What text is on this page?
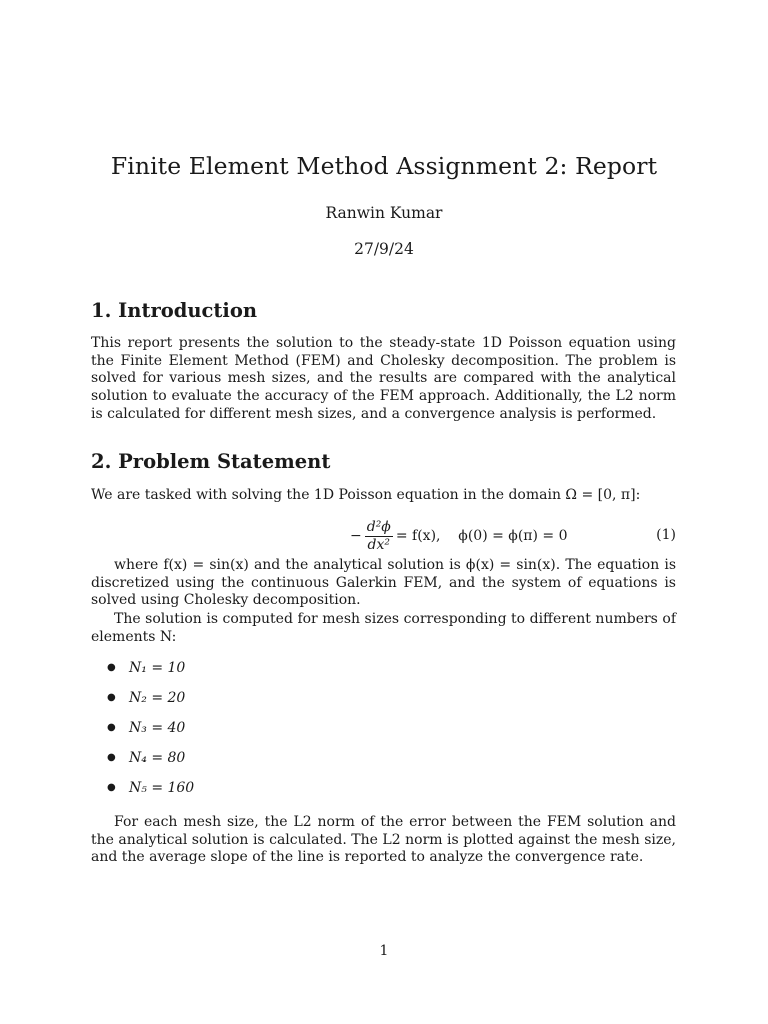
Finite Element Method Assignment 2: Report
Ranwin Kumar
27/9/24
1. Introduction
This report presents the solution to the steady-state 1D Poisson equation using the Finite Element Method (FEM) and Cholesky decomposition. The problem is solved for various mesh sizes, and the results are compared with the analytical solution to evaluate the accuracy of the FEM approach. Additionally, the L2 norm is calculated for different mesh sizes, and a convergence analysis is performed.
2. Problem Statement
We are tasked with solving the 1D Poisson equation in the domain Ω = [0, π]:
− $\frac{\text{d²ϕ}}{\text{dx²}} = f(x)$,    ϕ(0) = ϕ(π) = 0	(1)
where f(x) = sin(x) and the analytical solution is ϕ(x) = sin(x). The equation is discretized using the continuous Galerkin FEM, and the system of equations is solved using Cholesky decomposition.
The solution is computed for mesh sizes corresponding to different numbers of elements N:
● N₁ = 10
● N₂ = 20
● N₃ = 40
● N₄ = 80
● N₅ = 160
For each mesh size, the L2 norm of the error between the FEM solution and the analytical solution is calculated. The L2 norm is plotted against the mesh size, and the average slope of the line is reported to analyze the convergence rate.
1
